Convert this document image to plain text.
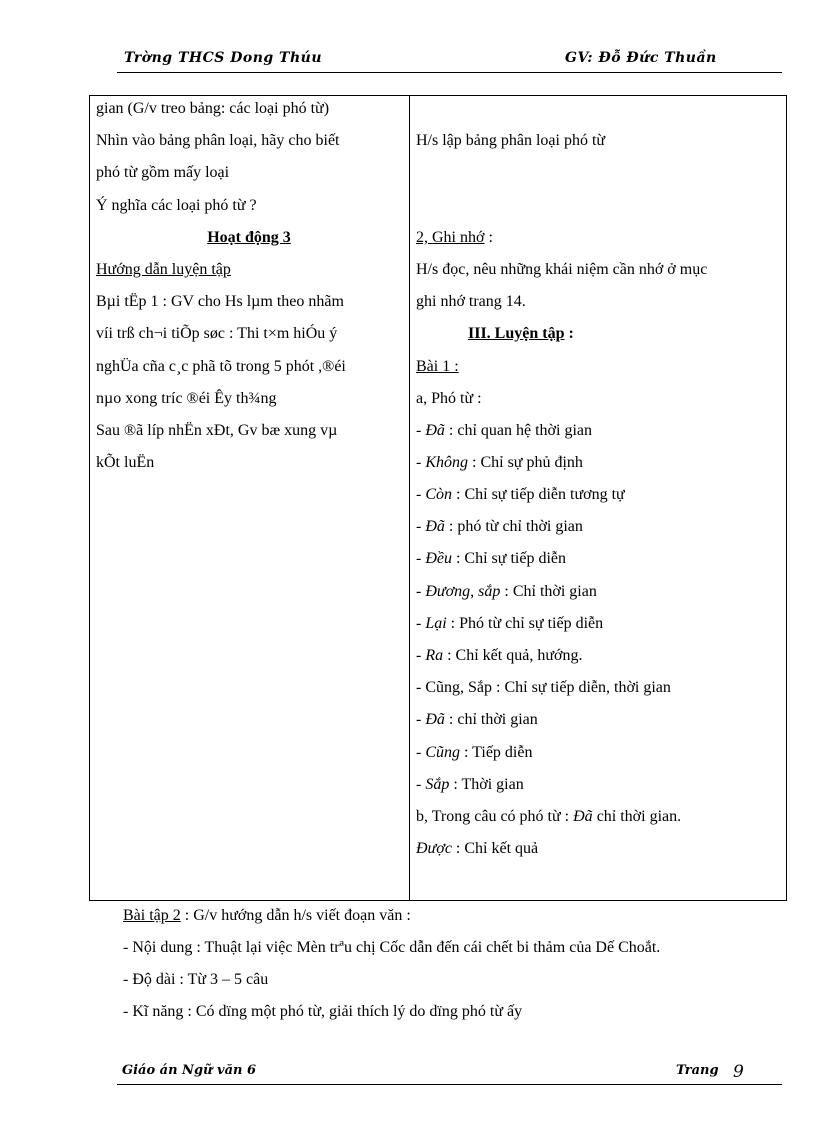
Trờng THCS Dong Thúu	GV: Đỗ Đức Thuần
gian (G/v treo bảng: các loại phó từ)
Nhìn vào bảng phân loại, hãy cho biết
phó từ gồm mấy loại
Ý nghĩa các loại phó từ ?
Hoạt động 3
Hướng dẫn luyện tập
Bµi tËp 1 : GV cho Hs lµm theo nhãm
víi trß ch¬i tiÕp søc : Thi t×m hiÓu ý
nghÜa cña c¸c phã tõ trong 5 phót ,®éi
nµo xong tríc ®éi Êy th¾ng
Sau ®ã líp nhËn xÐt, Gv bæ xung vµ
kÕt luËn
H/s lập bảng phân loại phó từ
2, Ghi nhớ :
H/s đọc, nêu những khái niệm cần nhớ ở mục
ghi nhớ trang 14.
III. Luyện tập :
Bài 1 :
a, Phó từ :
- Đã : chỉ quan hệ thời gian
- Không : Chỉ sự phủ định
- Còn : Chỉ sự tiếp diễn tương tự
- Đã : phó từ chỉ thời gian
- Đều : Chỉ sự tiếp diễn
- Đương, sắp : Chỉ thời gian
- Lại : Phó từ chỉ sự tiếp diễn
- Ra : Chỉ kết quả, hướng.
- Cũng, Sắp : Chỉ sự tiếp diễn, thời gian
- Đã : chỉ thời gian
- Cũng : Tiếp diễn
- Sắp : Thời gian
b, Trong câu có phó từ : Đã chỉ thời gian.
Được : Chỉ kết quả
Bài tập 2 : G/v hướng dẫn h/s viết đoạn văn :
- Nội dung : Thuật lại việc Mèn trªu chị Cốc dẫn đến cái chết bi thảm của Dế Choắt.
- Độ dài : Từ 3 – 5 câu
- Kĩ năng : Có dïng một phó từ, giải thích lý do dïng phó từ ấy
Giáo án Ngữ văn 6	Trang 9
